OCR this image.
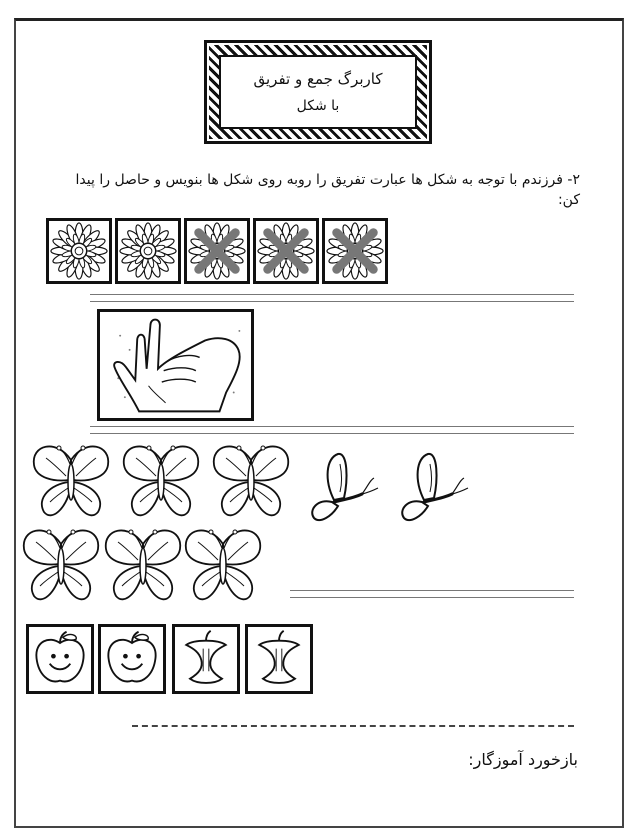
کاربرگ جمع و تفریق
با شکل
۲- فرزندم با توجه به شکل ها عبارت تفریق را روبه روی شکل ها بنویس و حاصل را پیدا کن:
بازخورد آموزگار:
